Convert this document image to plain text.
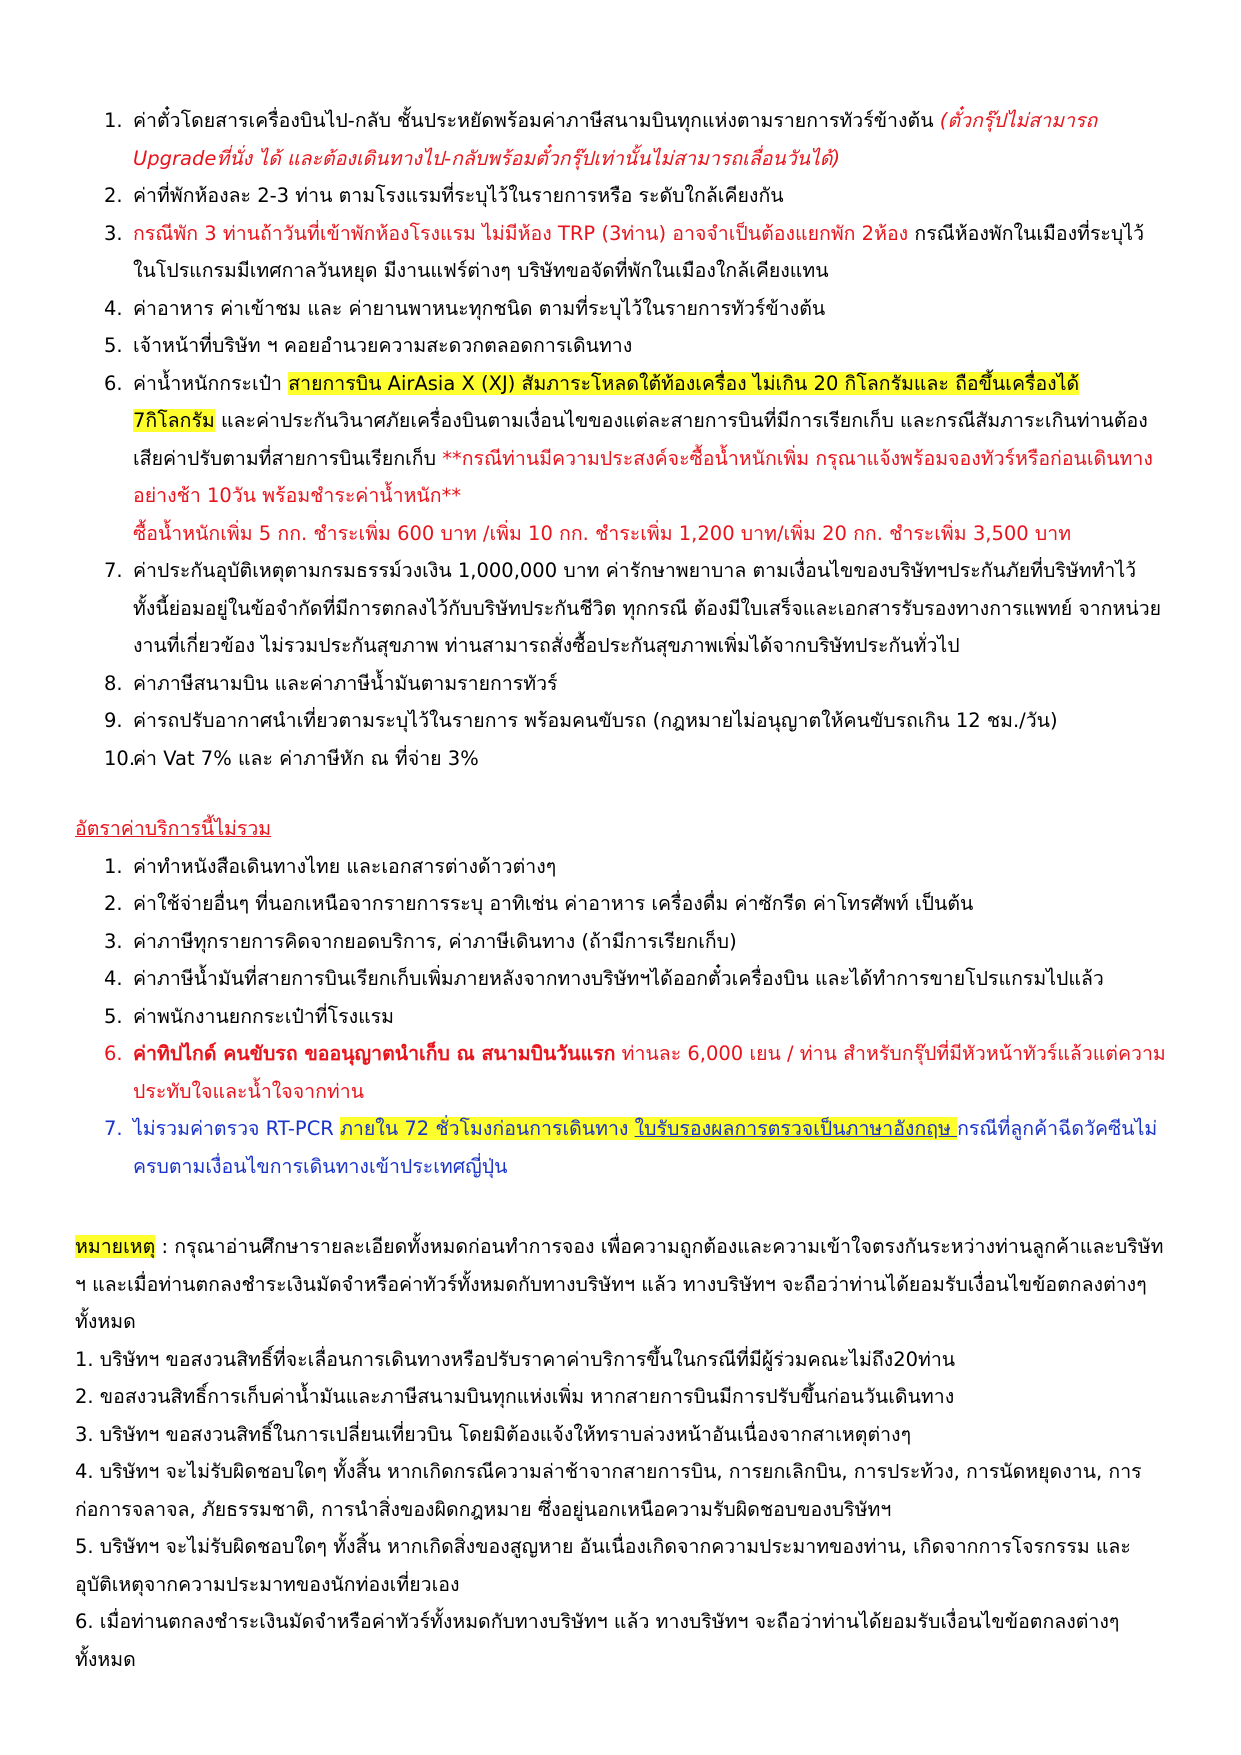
1. ค่าตั๋วโดยสารเครื่องบินไป-กลับ ชั้นประหยัดพร้อมค่าภาษีสนามบินทุกแห่งตามรายการทัวร์ข้างต้น (ตั๋วกรุ๊ปไม่สามารถ Upgradeที่นั่ง ได้ และต้องเดินทางไป-กลับพร้อมตั๋วกรุ๊ปเท่านั้นไม่สามารถเลื่อนวันได้)
2. ค่าที่พักห้องละ 2-3 ท่าน ตามโรงแรมที่ระบุไว้ในรายการหรือ ระดับใกล้เคียงกัน
3. กรณีพัก 3 ท่านถ้าวันที่เข้าพักห้องโรงแรม ไม่มีห้อง TRP (3ท่าน) อาจจำเป็นต้องแยกพัก 2ห้อง กรณีห้องพักในเมืองที่ระบุไว้ในโปรแกรมมีเทศกาลวันหยุด มีงานแฟร์ต่างๆ บริษัทขอจัดที่พักในเมืองใกล้เคียงแทน
4. ค่าอาหาร ค่าเข้าชม และ ค่ายานพาหนะทุกชนิด ตามที่ระบุไว้ในรายการทัวร์ข้างต้น
5. เจ้าหน้าที่บริษัท ฯ คอยอำนวยความสะดวกตลอดการเดินทาง
6. ค่าน้ำหนักกระเป๋า สายการบิน AirAsia X (XJ) สัมภาระโหลดใต้ท้องเครื่อง ไม่เกิน 20 กิโลกรัมและ ถือขึ้นเครื่องได้ 7กิโลกรัม และค่าประกันวินาศภัยเครื่องบินตามเงื่อนไขของแต่ละสายการบินที่มีการเรียกเก็บ และกรณีสัมภาระเกินท่านต้องเสียค่าปรับตามที่สายการบินเรียกเก็บ **กรณีท่านมีความประสงค์จะซื้อน้ำหนักเพิ่ม กรุณาแจ้งพร้อมจองทัวร์หรือก่อนเดินทางอย่างช้า 10วัน พร้อมชำระค่าน้ำหนัก**
ซื้อน้ำหนักเพิ่ม 5 กก. ชำระเพิ่ม 600 บาท /เพิ่ม 10 กก. ชำระเพิ่ม 1,200 บาท/เพิ่ม 20 กก. ชำระเพิ่ม 3,500 บาท
7. ค่าประกันอุบัติเหตุตามกรมธรรม์วงเงิน 1,000,000 บาท ค่ารักษาพยาบาล ตามเงื่อนไขของบริษัทฯประกันภัยที่บริษัททำไว้ ทั้งนี้ย่อมอยู่ในข้อจำกัดที่มีการตกลงไว้กับบริษัทประกันชีวิต ทุกกรณี ต้องมีใบเสร็จและเอกสารรับรองทางการแพทย์ จากหน่วยงานที่เกี่ยวข้อง ไม่รวมประกันสุขภาพ ท่านสามารถสั่งซื้อประกันสุขภาพเพิ่มได้จากบริษัทประกันทั่วไป
8. ค่าภาษีสนามบิน และค่าภาษีน้ำมันตามรายการทัวร์
9. ค่ารถปรับอากาศนำเที่ยวตามระบุไว้ในรายการ พร้อมคนขับรถ (กฎหมายไม่อนุญาตให้คนขับรถเกิน 12 ชม./วัน)
10.
ค่า Vat 7% และ ค่าภาษีหัก ณ ที่จ่าย 3%
อัตราค่าบริการนี้ไม่รวม
1. ค่าทำหนังสือเดินทางไทย และเอกสารต่างด้าวต่างๆ
2. ค่าใช้จ่ายอื่นๆ ที่นอกเหนือจากรายการระบุ อาทิเช่น ค่าอาหาร เครื่องดื่ม ค่าซักรีด ค่าโทรศัพท์ เป็นต้น
3. ค่าภาษีทุกรายการคิดจากยอดบริการ, ค่าภาษีเดินทาง (ถ้ามีการเรียกเก็บ)
4. ค่าภาษีน้ำมันที่สายการบินเรียกเก็บเพิ่มภายหลังจากทางบริษัทฯได้ออกตั๋วเครื่องบิน และได้ทำการขายโปรแกรมไปแล้ว
5. ค่าพนักงานยกกระเป๋าที่โรงแรม
6. ค่าทิปไกด์ คนขับรถ ขออนุญาตนำเก็บ ณ สนามบินวันแรก ท่านละ 6,000 เยน / ท่าน สำหรับกรุ๊ปที่มีหัวหน้าทัวร์แล้วแต่ความประทับใจและน้ำใจจากท่าน
7. ไม่รวมค่าตรวจ RT-PCR ภายใน 72 ชั่วโมงก่อนการเดินทาง ใบรับรองผลการตรวจเป็นภาษาอังกฤษ กรณีที่ลูกค้าฉีดวัคซีนไม่ครบตามเงื่อนไขการเดินทางเข้าประเทศญี่ปุ่น
หมายเหตุ : กรุณาอ่านศึกษารายละเอียดทั้งหมดก่อนทำการจอง เพื่อความถูกต้องและความเข้าใจตรงกันระหว่างท่านลูกค้าและบริษัท ฯ และเมื่อท่านตกลงชำระเงินมัดจำหรือค่าทัวร์ทั้งหมดกับทางบริษัทฯ แล้ว ทางบริษัทฯ จะถือว่าท่านได้ยอมรับเงื่อนไขข้อตกลงต่างๆ ทั้งหมด
1. บริษัทฯ ขอสงวนสิทธิ์ที่จะเลื่อนการเดินทางหรือปรับราคาค่าบริการขึ้นในกรณีที่มีผู้ร่วมคณะไม่ถึง20ท่าน
2. ขอสงวนสิทธิ์การเก็บค่าน้ำมันและภาษีสนามบินทุกแห่งเพิ่ม หากสายการบินมีการปรับขึ้นก่อนวันเดินทาง
3. บริษัทฯ ขอสงวนสิทธิ์ในการเปลี่ยนเที่ยวบิน โดยมิต้องแจ้งให้ทราบล่วงหน้าอันเนื่องจากสาเหตุต่างๆ
4. บริษัทฯ จะไม่รับผิดชอบใดๆ ทั้งสิ้น หากเกิดกรณีความล่าช้าจากสายการบิน, การยกเลิกบิน, การประท้วง, การนัดหยุดงาน, การก่อการจลาจล, ภัยธรรมชาติ, การนำสิ่งของผิดกฎหมาย ซึ่งอยู่นอกเหนือความรับผิดชอบของบริษัทฯ
5. บริษัทฯ จะไม่รับผิดชอบใดๆ ทั้งสิ้น หากเกิดสิ่งของสูญหาย อันเนื่องเกิดจากความประมาทของท่าน, เกิดจากการโจรกรรม และ อุบัติเหตุจากความประมาทของนักท่องเที่ยวเอง
6. เมื่อท่านตกลงชำระเงินมัดจำหรือค่าทัวร์ทั้งหมดกับทางบริษัทฯ แล้ว ทางบริษัทฯ จะถือว่าท่านได้ยอมรับเงื่อนไขข้อตกลงต่างๆ ทั้งหมด
